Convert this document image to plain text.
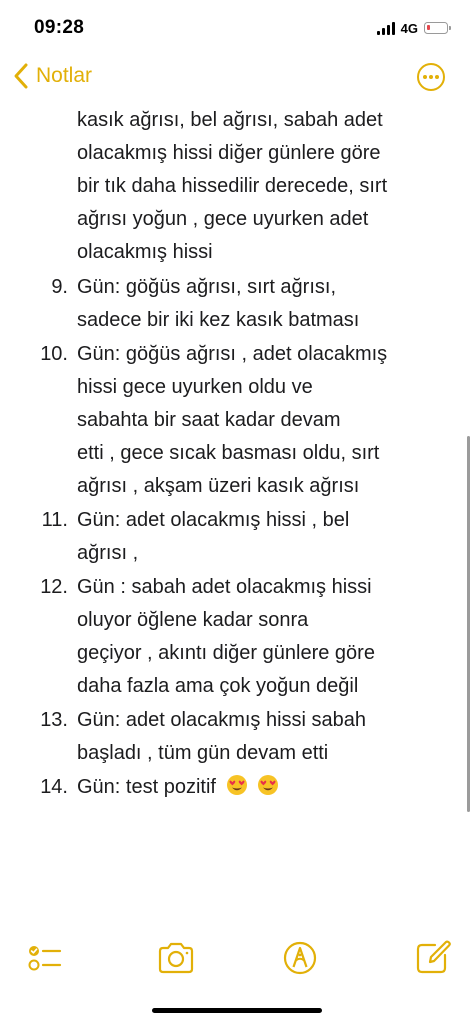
09:28	4G
Notlar
kasık ağrısı, bel ağrısı, sabah adet
olacakmış hissi diğer günlere göre
bir tık daha hissedilir derecede, sırt
ağrısı yoğun , gece uyurken adet
olacakmış hissi
9. Gün: göğüs ağrısı, sırt ağrısı,
sadece bir iki kez kasık batması
10. Gün: göğüs ağrısı , adet olacakmış
hissi gece uyurken oldu ve
sabahta bir saat kadar devam
etti , gece sıcak basması oldu, sırt
ağrısı , akşam üzeri kasık ağrısı
11. Gün: adet olacakmış hissi , bel
ağrısı ,
12. Gün : sabah adet olacakmış hissi
oluyor öğlene kadar sonra
geçiyor , akıntı diğer günlere göre
daha fazla ama çok yoğun değil
13. Gün: adet olacakmış hissi sabah
başladı , tüm gün devam etti
14. Gün: test pozitif
